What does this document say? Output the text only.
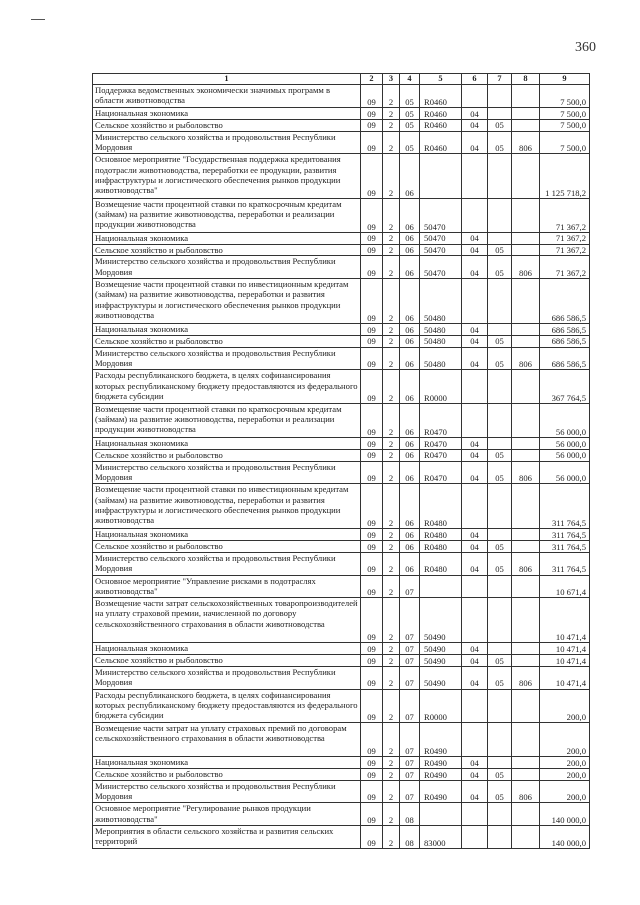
360
1	2	3	4	5	6	7	8	9
Поддержка ведомственных экономически значимых программ в области животноводства	09	2	05	R0460				7 500,0
Национальная экономика	09	2	05	R0460	04			7 500,0
Сельское хозяйство и рыболовство	09	2	05	R0460	04	05		7 500,0
Министерство сельского хозяйства и продовольствия Республики Мордовия	09	2	05	R0460	04	05	806	7 500,0
Основное мероприятие "Государственная поддержка кредитования подотрасли животноводства, переработки ее продукции, развития инфраструктуры и логистического обеспечения рынков продукции животноводства"	09	2	06					1 125 718,2
Возмещение части процентной ставки по краткосрочным кредитам (займам) на развитие животноводства, переработки и реализации продукции животноводства	09	2	06	50470				71 367,2
Национальная экономика	09	2	06	50470	04			71 367,2
Сельское хозяйство и рыболовство	09	2	06	50470	04	05		71 367,2
Министерство сельского хозяйства и продовольствия Республики Мордовия	09	2	06	50470	04	05	806	71 367,2
Возмещение части процентной ставки по инвестиционным кредитам (займам) на развитие животноводства, переработки и развития инфраструктуры и логистического обеспечения рынков продукции животноводства	09	2	06	50480				686 586,5
Национальная экономика	09	2	06	50480	04			686 586,5
Сельское хозяйство и рыболовство	09	2	06	50480	04	05		686 586,5
Министерство сельского хозяйства и продовольствия Республики Мордовия	09	2	06	50480	04	05	806	686 586,5
Расходы республиканского бюджета, в целях софинансирования которых республиканскому бюджету предоставляются из федерального бюджета субсидии	09	2	06	R0000				367 764,5
Возмещение части процентной ставки по краткосрочным кредитам (займам) на развитие животноводства, переработки и реализации продукции животноводства	09	2	06	R0470				56 000,0
Национальная экономика	09	2	06	R0470	04			56 000,0
Сельское хозяйство и рыболовство	09	2	06	R0470	04	05		56 000,0
Министерство сельского хозяйства и продовольствия Республики Мордовия	09	2	06	R0470	04	05	806	56 000,0
Возмещение части процентной ставки по инвестиционным кредитам (займам) на развитие животноводства, переработки и развития инфраструктуры и логистического обеспечения рынков продукции животноводства	09	2	06	R0480				311 764,5
Национальная экономика	09	2	06	R0480	04			311 764,5
Сельское хозяйство и рыболовство	09	2	06	R0480	04	05		311 764,5
Министерство сельского хозяйства и продовольствия Республики Мордовия	09	2	06	R0480	04	05	806	311 764,5
Основное мероприятие "Управление рисками в подотраслях животноводства"	09	2	07					10 671,4
Возмещение части затрат сельскохозяйственных товаропроизводителей на уплату страховой премии, начисленной по договору сельскохозяйственного страхования в области животноводства	09	2	07	50490				10 471,4
Национальная экономика	09	2	07	50490	04			10 471,4
Сельское хозяйство и рыболовство	09	2	07	50490	04	05		10 471,4
Министерство сельского хозяйства и продовольствия Республики Мордовия	09	2	07	50490	04	05	806	10 471,4
Расходы республиканского бюджета, в целях софинансирования которых республиканскому бюджету предоставляются из федерального бюджета субсидии	09	2	07	R0000				200,0
Возмещение части затрат на уплату страховых премий по договорам сельскохозяйственного страхования в области животноводства	09	2	07	R0490				200,0
Национальная экономика	09	2	07	R0490	04			200,0
Сельское хозяйство и рыболовство	09	2	07	R0490	04	05		200,0
Министерство сельского хозяйства и продовольствия Республики Мордовия	09	2	07	R0490	04	05	806	200,0
Основное мероприятие "Регулирование рынков продукции животноводства"	09	2	08					140 000,0
Мероприятия в области сельского хозяйства и развития сельских территорий	09	2	08	83000				140 000,0
